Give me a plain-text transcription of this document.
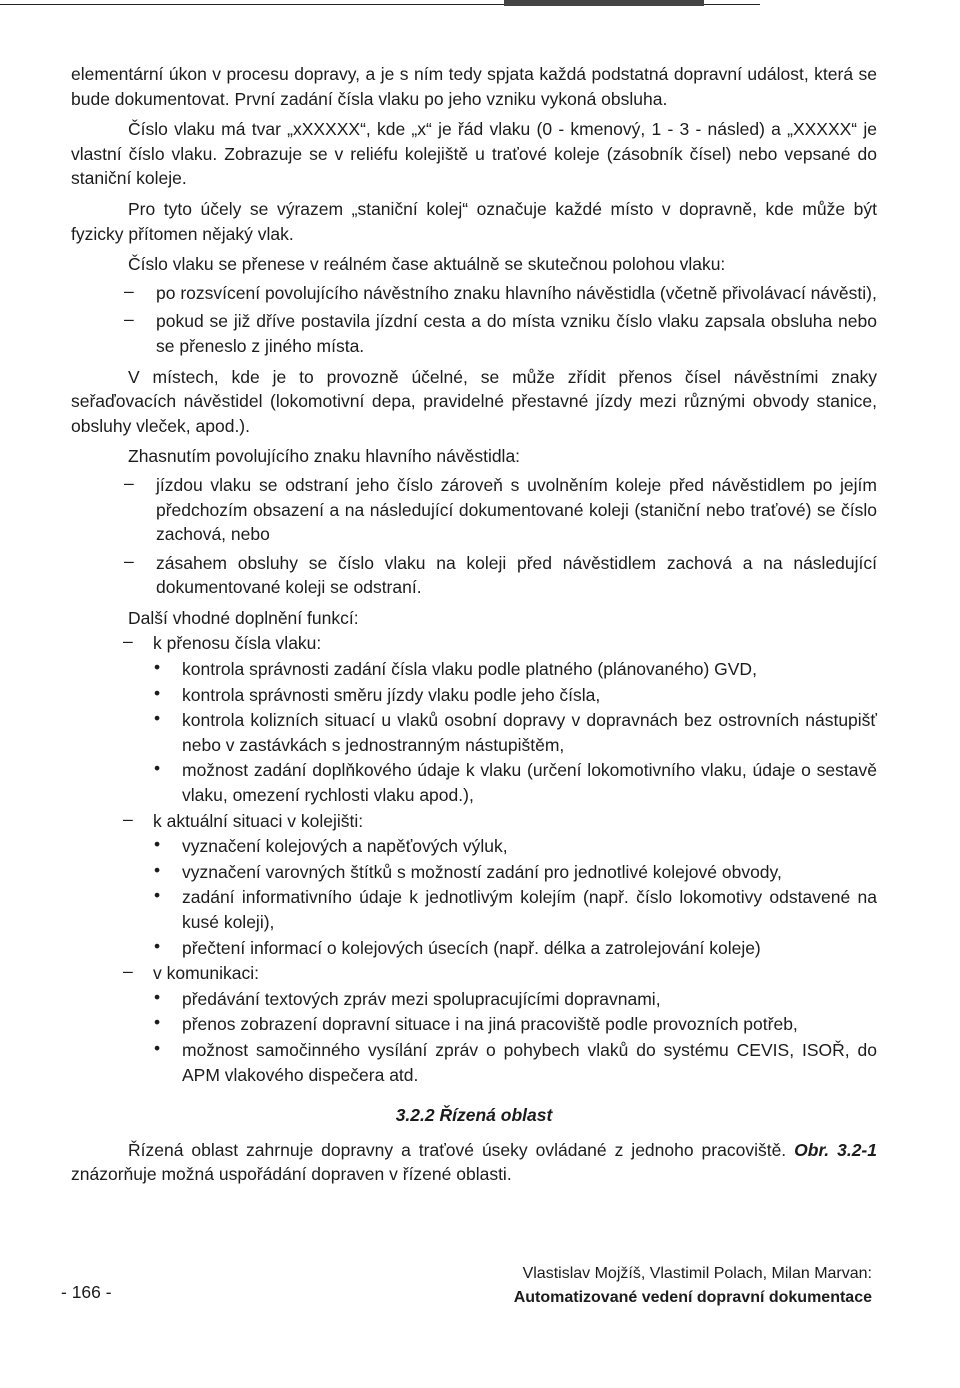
elementární úkon v procesu dopravy, a je s ním tedy spjata každá podstatná dopravní událost, která se bude dokumentovat. První zadání čísla vlaku po jeho vzniku vykoná obsluha.

Číslo vlaku má tvar „xXXXXX“, kde „x“ je řád vlaku (0 - kmenový, 1 - 3 - násled) a „XXXXX“ je vlastní číslo vlaku. Zobrazuje se v reliéfu kolejiště u traťové koleje (zásobník čísel) nebo vepsané do staniční koleje.

Pro tyto účely se výrazem „staniční kolej“ označuje každé místo v dopravně, kde může být fyzicky přítomen nějaký vlak.

Číslo vlaku se přenese v reálném čase aktuálně se skutečnou polohou vlaku:

– po rozsvícení povolujícího návěstního znaku hlavního návěstidla (včetně přivolávací návěsti),

– pokud se již dříve postavila jízdní cesta a do místa vzniku číslo vlaku zapsala obsluha nebo se přeneslo z jiného místa.

V místech, kde je to provozně účelné, se může zřídit přenos čísel návěstními znaky seřaďovacích návěstidel (lokomotivní depa, pravidelné přestavné jízdy mezi různými obvody stanice, obsluhy vleček, apod.).

Zhasnutím povolujícího znaku hlavního návěstidla:

– jízdou vlaku se odstraní jeho číslo zároveň s uvolněním koleje před návěstidlem po jejím předchozím obsazení a na následující dokumentované koleji (staniční nebo traťové) se číslo zachová, nebo

– zásahem obsluhy se číslo vlaku na koleji před návěstidlem zachová a na následující dokumentované koleji se odstraní.

Další vhodné doplnění funkcí:

– k přenosu čísla vlaku:

• kontrola správnosti zadání čísla vlaku podle platného (plánovaného) GVD,

• kontrola správnosti směru jízdy vlaku podle jeho čísla,

• kontrola kolizních situací u vlaků osobní dopravy v dopravnách bez ostrovních nástupišť nebo v zastávkách s jednostranným nástupištěm,

• možnost zadání doplňkového údaje k vlaku (určení lokomotivního vlaku, údaje o sestavě vlaku, omezení rychlosti vlaku apod.),

– k aktuální situaci v kolejišti:

• vyznačení kolejových a napěťových výluk,

• vyznačení varovných štítků s možností zadání pro jednotlivé kolejové obvody,

• zadání informativního údaje k jednotlivým kolejím (např. číslo lokomotivy odstavené na kusé koleji),

• přečtení informací o kolejových úsecích (např. délka a zatrolejování koleje)

– v komunikaci:

• předávání textových zpráv mezi spolupracujícími dopravnami,

• přenos zobrazení dopravní situace i na jiná pracoviště podle provozních potřeb,

• možnost samočinného vysílání zpráv o pohybech vlaků do systému CEVIS, ISOŘ, do APM vlakového dispečera atd.

3.2.2 Řízená oblast

Řízená oblast zahrnuje dopravny a traťové úseky ovládané z jednoho pracoviště. Obr. 3.2-1 znázorňuje možná uspořádání dopraven v řízené oblasti.

- 166 -
Vlastislav Mojžíš, Vlastimil Polach, Milan Marvan:
Automatizované vedení dopravní dokumentace
